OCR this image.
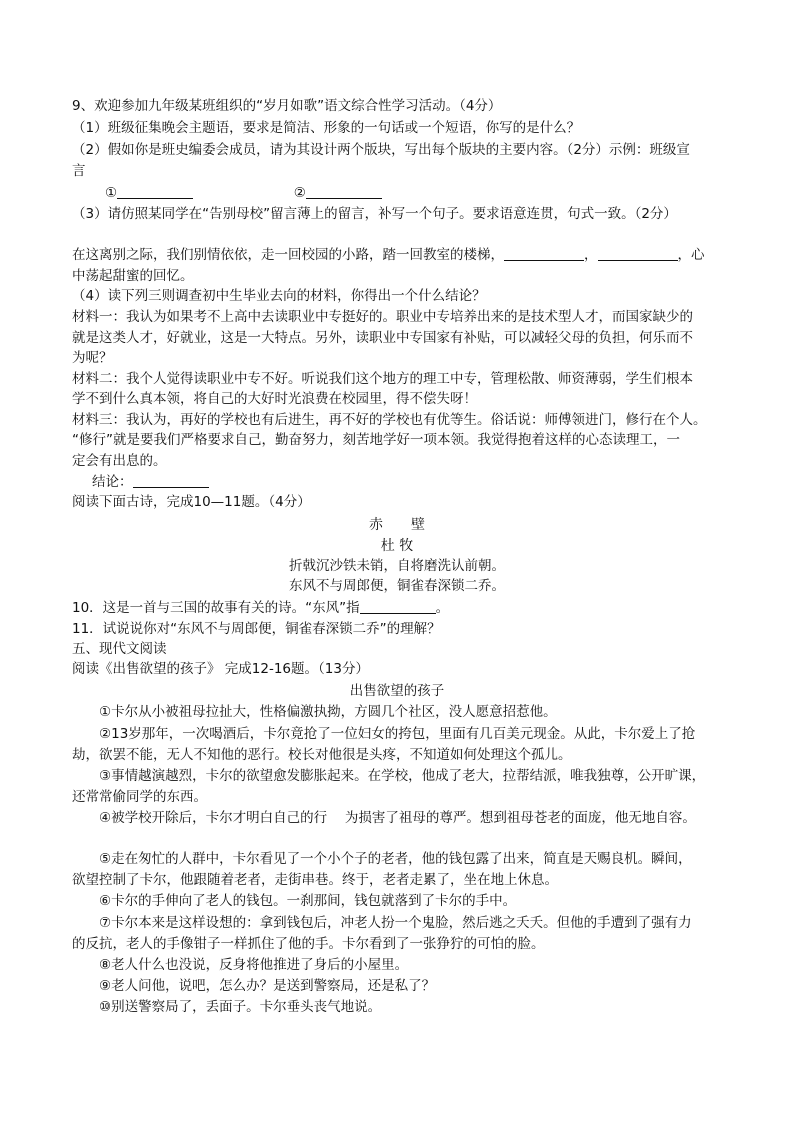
9、欢迎参加九年级某班组织的“岁月如歌”语文综合性学习活动。（4分）
（1）班级征集晚会主题语，要求是简洁、形象的一句话或一个短语，你写的是什么？
（2）假如你是班史编委会成员，请为其设计两个版块，写出每个版块的主要内容。（2分）示例：班级宣
言
①	②
（3）请仿照某同学在“告别母校”留言薄上的留言，补写一个句子。要求语意连贯，句式一致。（2分）
在这离别之际，我们别情依依，走一回校园的小路，踏一回教室的楼梯，	，	，心
中荡起甜蜜的回忆。
（4）读下列三则调查初中生毕业去向的材料，你得出一个什么结论？
材料一：我认为如果考不上高中去读职业中专挺好的。职业中专培养出来的是技术型人才，而国家缺少的
就是这类人才，好就业，这是一大特点。另外，读职业中专国家有补贴，可以减轻父母的负担，何乐而不
为呢？
材料二：我个人觉得读职业中专不好。听说我们这个地方的理工中专，管理松散、师资薄弱，学生们根本
学不到什么真本领，将自己的大好时光浪费在校园里，得不偿失呀！
材料三：我认为，再好的学校也有后进生，再不好的学校也有优等生。俗话说：师傅领进门，修行在个人。
“修行”就是要我们严格要求自己，勤奋努力，刻苦地学好一项本领。我觉得抱着这样的心态读理工，一
定会有出息的。
结论：
阅读下面古诗，完成10—11题。（4分）
赤　　壁
杜 牧
折戟沉沙铁未销，自将磨洗认前朝。
东风不与周郎便，铜雀春深锁二乔。
10．这是一首与三国的故事有关的诗。“东风”指	。
11．试说说你对“东风不与周郎便，铜雀春深锁二乔”的理解？
五、现代文阅读
阅读《出售欲望的孩子》 完成12-16题。（13分）
出售欲望的孩子
①卡尔从小被祖母拉扯大，性格偏激执拗，方圆几个社区，没人愿意招惹他。
②13岁那年，一次喝酒后，卡尔竟抢了一位妇女的挎包，里面有几百美元现金。从此，卡尔爱上了抢
劫，欲罢不能，无人不知他的恶行。校长对他很是头疼，不知道如何处理这个孤儿。
③事情越演越烈，卡尔的欲望愈发膨胀起来。在学校，他成了老大，拉帮结派，唯我独尊，公开旷课，
还常常偷同学的东西。
④被学校开除后，卡尔才明白自己的行　 为损害了祖母的尊严。想到祖母苍老的面庞，他无地自容。
⑤走在匆忙的人群中，卡尔看见了一个小个子的老者，他的钱包露了出来，简直是天赐良机。瞬间，
欲望控制了卡尔，他跟随着老者，走街串巷。终于，老者走累了，坐在地上休息。
⑥卡尔的手伸向了老人的钱包。一刹那间，钱包就落到了卡尔的手中。
⑦卡尔本来是这样设想的：拿到钱包后，冲老人扮一个鬼脸，然后逃之夭夭。但他的手遭到了强有力
的反抗，老人的手像钳子一样抓住了他的手。卡尔看到了一张狰狞的可怕的脸。
⑧老人什么也没说，反身将他推进了身后的小屋里。
⑨老人问他，说吧，怎么办？是送到警察局，还是私了？
⑩别送警察局了，丢面子。卡尔垂头丧气地说。
